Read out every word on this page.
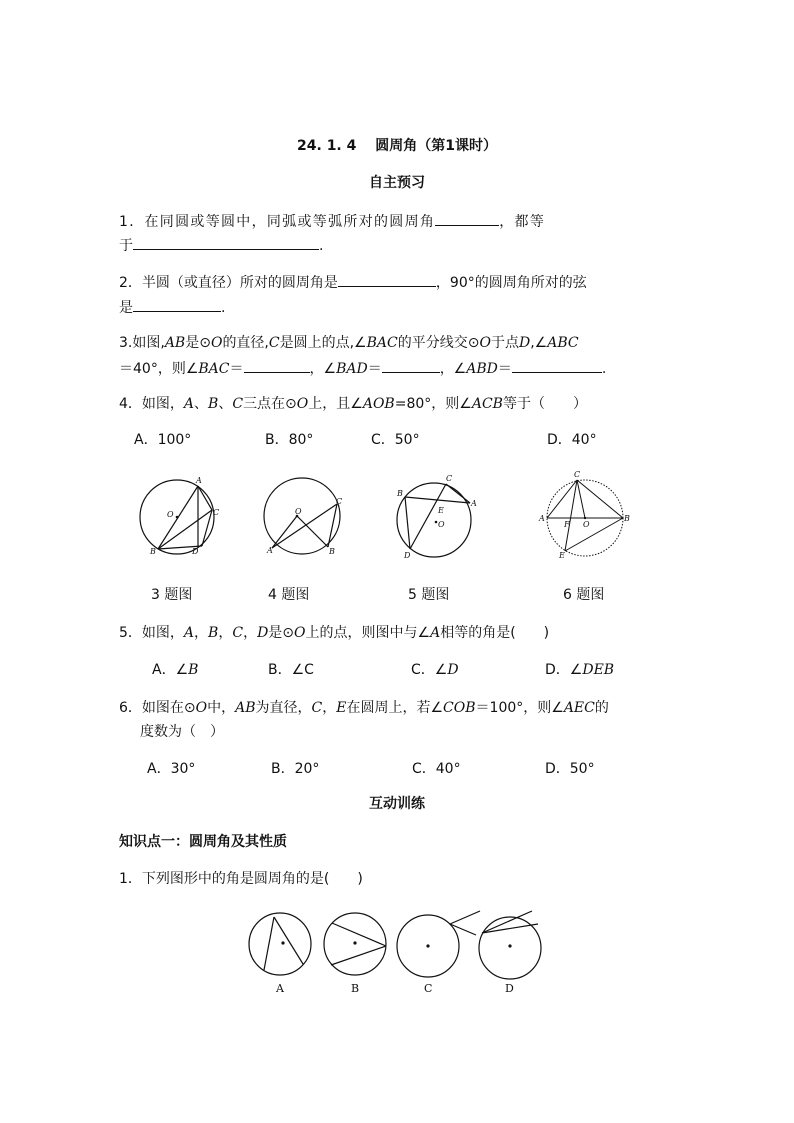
24. 1. 4　 圆周角（第1课时）
自主预习
1．在同圆或等圆中，同弧或等弧所对的圆周角	，都等
于	.
2．半圆（或直径）所对的圆周角是	，90°的圆周角所对的弦
是	.
3.如图,AB是⊙O的直径,C是圆上的点,∠BAC的平分线交⊙O于点D,∠ABC
＝40°，则∠BAC＝	，∠BAD＝	，∠ABD＝	.
4．如图，A、B、C三点在⊙O上，且∠AOB=80°，则∠ACB等于（　　）
A．100°	B．80°	C．50°	D．40°
A
C
O
B	D
C
O
A	B
C
B
A
E
O
D
C
A
F O
B
E
3 题图	4 题图	5 题图	6 题图
5．如图，A，B，C，D是⊙O上的点，则图中与∠A相等的角是(　　)
A．∠B	B．∠C	C．∠D	D．∠DEB
6．如图在⊙O中，AB为直径，C，E在圆周上，若∠COB＝100°，则∠AEC的
度数为（　）
A．30°	B．20°	C．40°	D．50°
互动训练
知识点一：圆周角及其性质
1．下列图形中的角是圆周角的是(　　)
A	B	C	D
